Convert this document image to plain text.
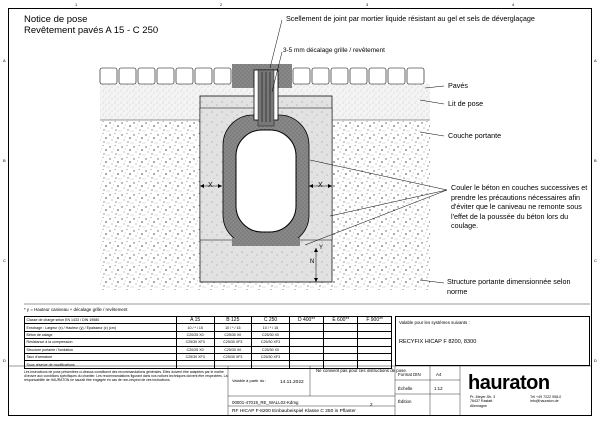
A
B
C
D
A
B
C
D
1	2	3	4
Notice de pose
Revêtement pavés A 15 - C 250
X	X
Y
N
Scellement de joint par mortier liquide résistant au gel et sels de déverglaçage
3-5 mm décalage grille / revêtement
Pavés
Lit de pose
Couche portante
Couler le béton en couches successives et prendre les précautions nécessaires afin d'éviter que le caniveau ne remonte sous l'effet de la poussée du béton lors du coulage.
Structure portante dimensionnée selon norme
* y = Hauteur caniveau + décalage grille / revêtement
Classe de charge selon EN 1433 / DIN 19580	A 15	B 125	C 250	D 400**	E 600**	F 900**
Enrobage : Largeur (x) / Hauteur (y) / Épaisseur (z) (cm)	10 / * / 15	10 / * / 15	10 / * / 15			
Béton de calage	C20/25 X0	C25/30 X0	C25/30 X0			
Résistance à la compression	C25/30 XF3	C25/30 XF3	C25/30 XF3			
Structure portante / fondation	C20/25 X0	C25/30 X0	C25/30 X0			
Taux d'armature	C25/30 XF3	C25/30 XF3	C25/30 XF3			
Sous réserve de modifications						
Valable pour les systèmes suivants :
RECYFIX HICAP F 8200, 8300
Les instructions de pose présentées ci-dessus constituent des recommandations générales. Elles doivent être adaptées par le maître d'œuvre aux conditions spécifiques du chantier. Les recommandations figurant dans nos notices techniques doivent être respectées. La responsabilité de HAURATON ne saurait être engagée en cas de non-respect de ces instructions.	Valable à partir du :	14.11.2022
Ne convient pas pour ces instructions de pose.
Format DIN	A4
Échelle	1:12
Édition
hauraton
Pr.-Meyer-Str. 3
76437 Rastatt
Allemagne
Tél +49 7222 958-0
info@hauraton.de
00001-47019_RE_WALL02-Kdmg	2
RF HICAP F-8200 Einbaubeispiel Klasse C 250 in Pflaster
